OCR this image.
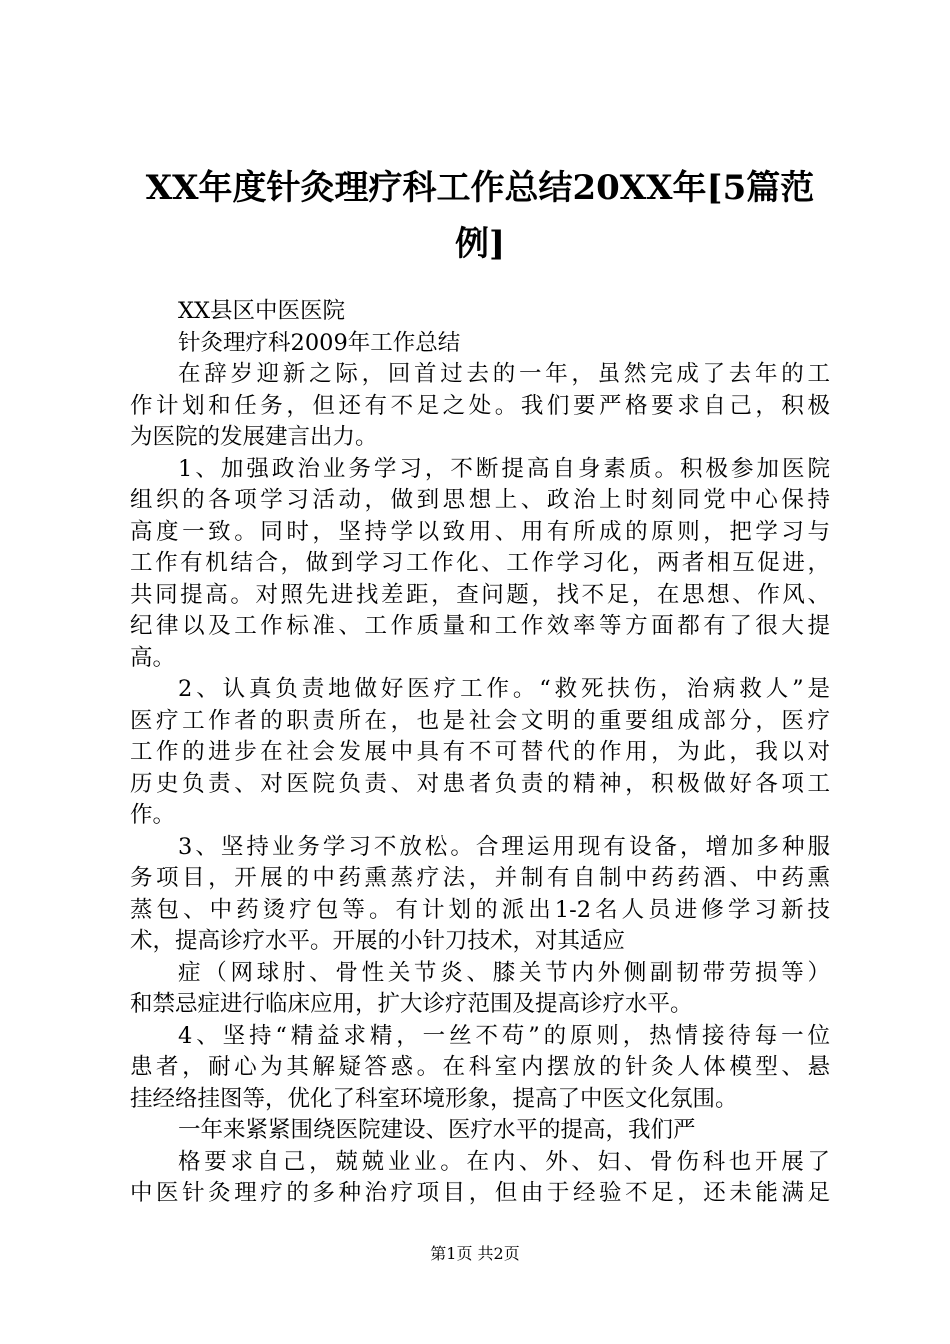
XX年度针灸理疗科工作总结20XX年[5篇范
例]
XX县区中医医院
针灸理疗科2009年工作总结
在辞岁迎新之际，回首过去的一年，虽然完成了去年的工
作计划和任务，但还有不足之处。我们要严格要求自己，积极
为医院的发展建言出力。
1、加强政治业务学习，不断提高自身素质。积极参加医院
组织的各项学习活动，做到思想上、政治上时刻同党中心保持
高度一致。同时，坚持学以致用、用有所成的原则，把学习与
工作有机结合，做到学习工作化、工作学习化，两者相互促进，
共同提高。对照先进找差距，查问题，找不足，在思想、作风、
纪律以及工作标准、工作质量和工作效率等方面都有了很大提
高。
2、认真负责地做好医疗工作。“救死扶伤，治病救人”是
医疗工作者的职责所在，也是社会文明的重要组成部分，医疗
工作的进步在社会发展中具有不可替代的作用，为此，我以对
历史负责、对医院负责、对患者负责的精神，积极做好各项工
作。
3、坚持业务学习不放松。合理运用现有设备，增加多种服
务项目，开展的中药熏蒸疗法，并制有自制中药药酒、中药熏
蒸包、中药烫疗包等。有计划的派出1-2名人员进修学习新技
术，提高诊疗水平。开展的小针刀技术，对其适应
症（网球肘、骨性关节炎、膝关节内外侧副韧带劳损等）
和禁忌症进行临床应用，扩大诊疗范围及提高诊疗水平。
4、坚持“精益求精，一丝不苟”的原则，热情接待每一位
患者，耐心为其解疑答惑。在科室内摆放的针灸人体模型、悬
挂经络挂图等，优化了科室环境形象，提高了中医文化氛围。
一年来紧紧围绕医院建设、医疗水平的提高，我们严
格要求自己，兢兢业业。在内、外、妇、骨伤科也开展了
中医针灸理疗的多种治疗项目，但由于经验不足，还未能满足
第1页 共2页
